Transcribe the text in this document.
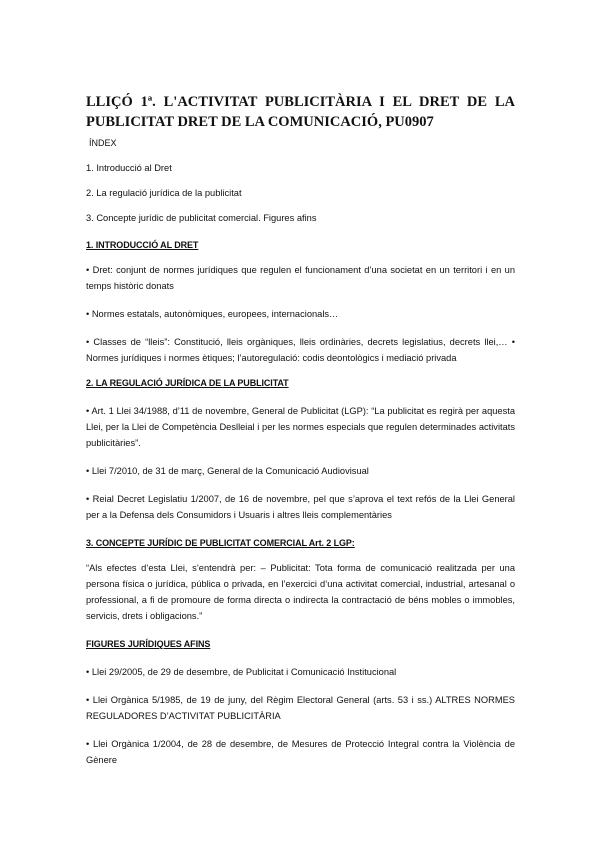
LLIÇÓ 1ª. L'ACTIVITAT PUBLICITÀRIA I EL DRET DE LA PUBLICITAT DRET DE LA COMUNICACIÓ, PU0907
ÍNDEX

1. Introducció al Dret

2. La regulació jurídica de la publicitat

3. Concepte jurídic de publicitat comercial. Figures afins

1. INTRODUCCIÓ AL DRET

• Dret: conjunt de normes jurídiques que regulen el funcionament d’una societat en un territori i en un temps històric donats

• Normes estatals, autonòmiques, europees, internacionals…

• Classes de “lleis”: Constitució, lleis orgàniques, lleis ordinàries, decrets legislatius, decrets llei,… • Normes jurídiques i normes ètiques; l’autoregulació: codis deontològics i mediació privada

2. LA REGULACIÓ JURÍDICA DE LA PUBLICITAT

• Art. 1 Llei 34/1988, d’11 de novembre, General de Publicitat (LGP): “La publicitat es regirà per aquesta Llei, per la Llei de Competència Deslleial i per les normes especials que regulen determinades activitats publicitàries”.

• Llei 7/2010, de 31 de març, General de la Comunicació Audiovisual

• Reial Decret Legislatiu 1/2007, de 16 de novembre, pel que s’aprova el text refós de la Llei General per a la Defensa dels Consumidors i Usuaris i altres lleis complementàries

3. CONCEPTE JURÍDIC DE PUBLICITAT COMERCIAL Art. 2 LGP:

“Als efectes d’esta Llei, s’entendrà per: – Publicitat: Tota forma de comunicació realitzada per una persona física o jurídica, pública o privada, en l’exercici d’una activitat comercial, industrial, artesanal o professional, a fi de promoure de forma directa o indirecta la contractació de béns mobles o immobles, servicis, drets i obligacions.”

FIGURES JURÍDIQUES AFINS

• Llei 29/2005, de 29 de desembre, de Publicitat i Comunicació Institucional

• Llei Orgànica 5/1985, de 19 de juny, del Règim Electoral General (arts. 53 i ss.) ALTRES NORMES REGULADORES D’ACTIVITAT PUBLICITÀRIA

• Llei Orgànica 1/2004, de 28 de desembre, de Mesures de Protecció Integral contra la Violència de Gènere
